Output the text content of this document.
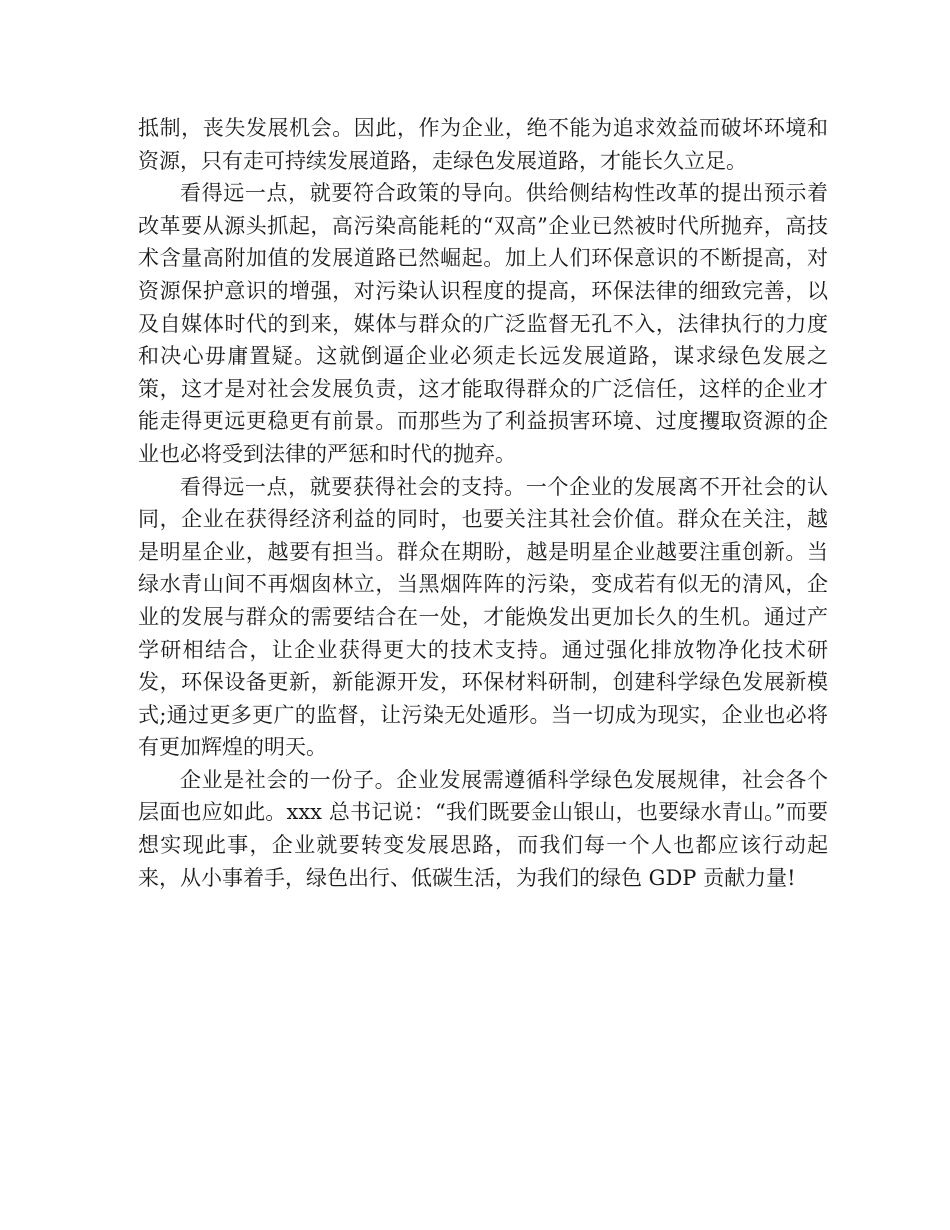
抵制，丧失发展机会。因此，作为企业，绝不能为追求效益而破坏环境和资源，只有走可持续发展道路，走绿色发展道路，才能长久立足。

看得远一点，就要符合政策的导向。供给侧结构性改革的提出预示着改革要从源头抓起，高污染高能耗的“双高”企业已然被时代所抛弃，高技术含量高附加值的发展道路已然崛起。加上人们环保意识的不断提高，对资源保护意识的增强，对污染认识程度的提高，环保法律的细致完善，以及自媒体时代的到来，媒体与群众的广泛监督无孔不入，法律执行的力度和决心毋庸置疑。这就倒逼企业必须走长远发展道路，谋求绿色发展之策，这才是对社会发展负责，这才能取得群众的广泛信任，这样的企业才能走得更远更稳更有前景。而那些为了利益损害环境、过度攫取资源的企业也必将受到法律的严惩和时代的抛弃。

看得远一点，就要获得社会的支持。一个企业的发展离不开社会的认同，企业在获得经济利益的同时，也要关注其社会价值。群众在关注，越是明星企业，越要有担当。群众在期盼，越是明星企业越要注重创新。当绿水青山间不再烟囱林立，当黑烟阵阵的污染，变成若有似无的清风，企业的发展与群众的需要结合在一处，才能焕发出更加长久的生机。通过产学研相结合，让企业获得更大的技术支持。通过强化排放物净化技术研发，环保设备更新，新能源开发，环保材料研制，创建科学绿色发展新模式;通过更多更广的监督，让污染无处遁形。当一切成为现实，企业也必将有更加辉煌的明天。

企业是社会的一份子。企业发展需遵循科学绿色发展规律，社会各个层面也应如此。xxx 总书记说：“我们既要金山银山，也要绿水青山。”而要想实现此事，企业就要转变发展思路，而我们每一个人也都应该行动起来，从小事着手，绿色出行、低碳生活，为我们的绿色 GDP 贡献力量!
